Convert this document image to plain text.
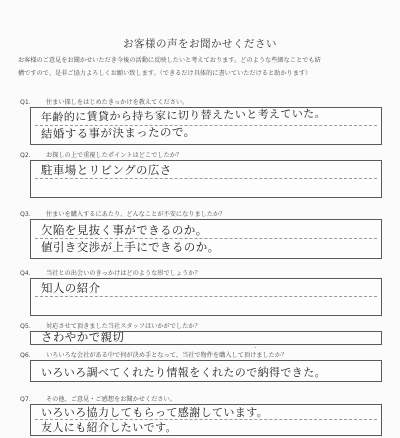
お客様の声をお聞かせください
お客様のご意見をお聞かせいただき今後の活動に反映したいと考えております。どのような些細なことでも結
構ですので、是非ご協力よろしくお願い致します。（できるだけ具体的に書いていただけると助かります）
Q1． 住まい探しをはじめたきっかけを教えてください。
年齢的に賃貸から持ち家に切り替えたいと考えていた。
結婚する事が決まったので。
Q2． お探しの上で重視したポイントはどこでしたか？
駐車場とリビングの広さ
Q3． 住まいを購入するにあたり、どんなことが不安になりましたか？
欠陥を見抜く事ができるのか。
値引き交渉が上手にできるのか。
Q4． 当社との出会いのきっかけはどのような形でしょうか？
知人の紹介
Q5． 対応させて頂きました当社スタッフはいかがでしたか？
さわやかで親切
ˇ
Q6． いろいろな会社がある中で何が決め手となって、当社で物件を購入して頂けましたか？
いろいろ調べてくれたり情報をくれたので納得できた。
Q7． その他、ご意見・ご感想をお聞かせください。
いろいろ協力してもらって感謝しています。
友人にも紹介したいです。
